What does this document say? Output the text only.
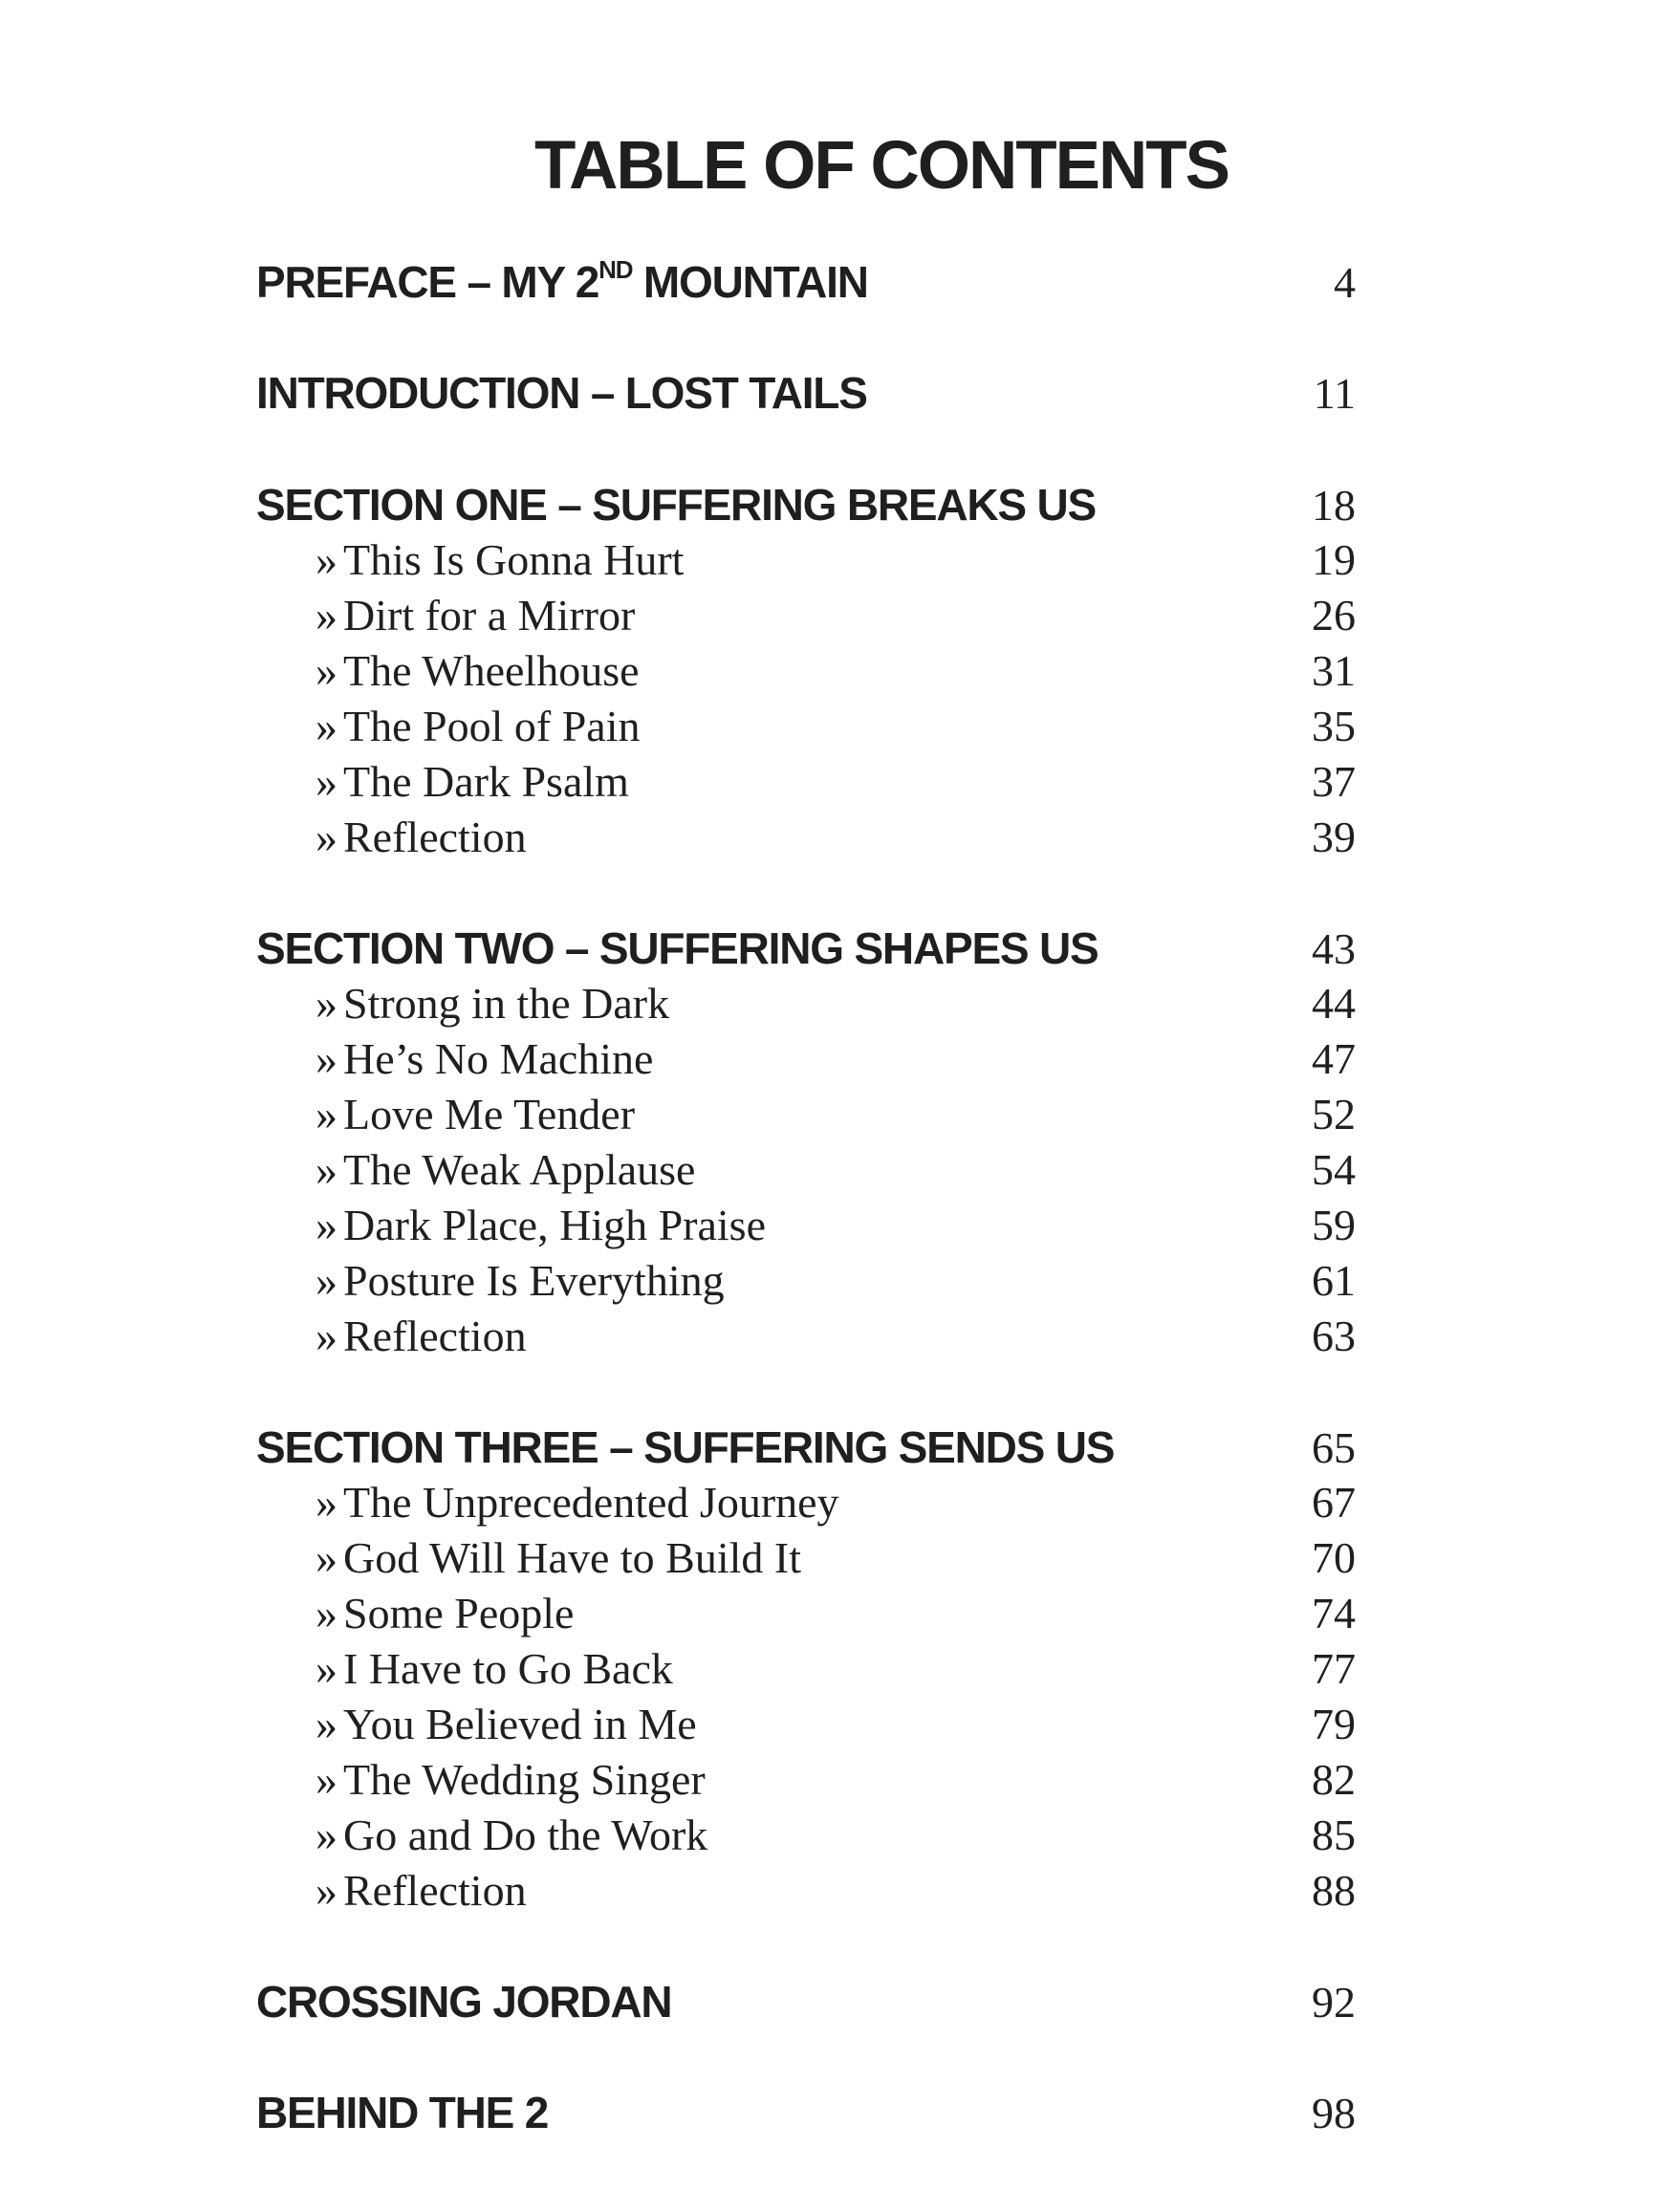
TABLE OF CONTENTS
PREFACE – MY 2ND MOUNTAIN	4
INTRODUCTION – LOST TAILS	11
SECTION ONE – SUFFERING BREAKS US	18
» This Is Gonna Hurt	19
» Dirt for a Mirror	26
» The Wheelhouse	31
» The Pool of Pain	35
» The Dark Psalm	37
» Reflection	39
SECTION TWO – SUFFERING SHAPES US	43
» Strong in the Dark	44
» He’s No Machine	47
» Love Me Tender	52
» The Weak Applause	54
» Dark Place, High Praise	59
» Posture Is Everything	61
» Reflection	63
SECTION THREE – SUFFERING SENDS US	65
» The Unprecedented Journey	67
» God Will Have to Build It	70
» Some People	74
» I Have to Go Back	77
» You Believed in Me	79
» The Wedding Singer	82
» Go and Do the Work	85
» Reflection	88
CROSSING JORDAN	92
BEHIND THE 2	98
